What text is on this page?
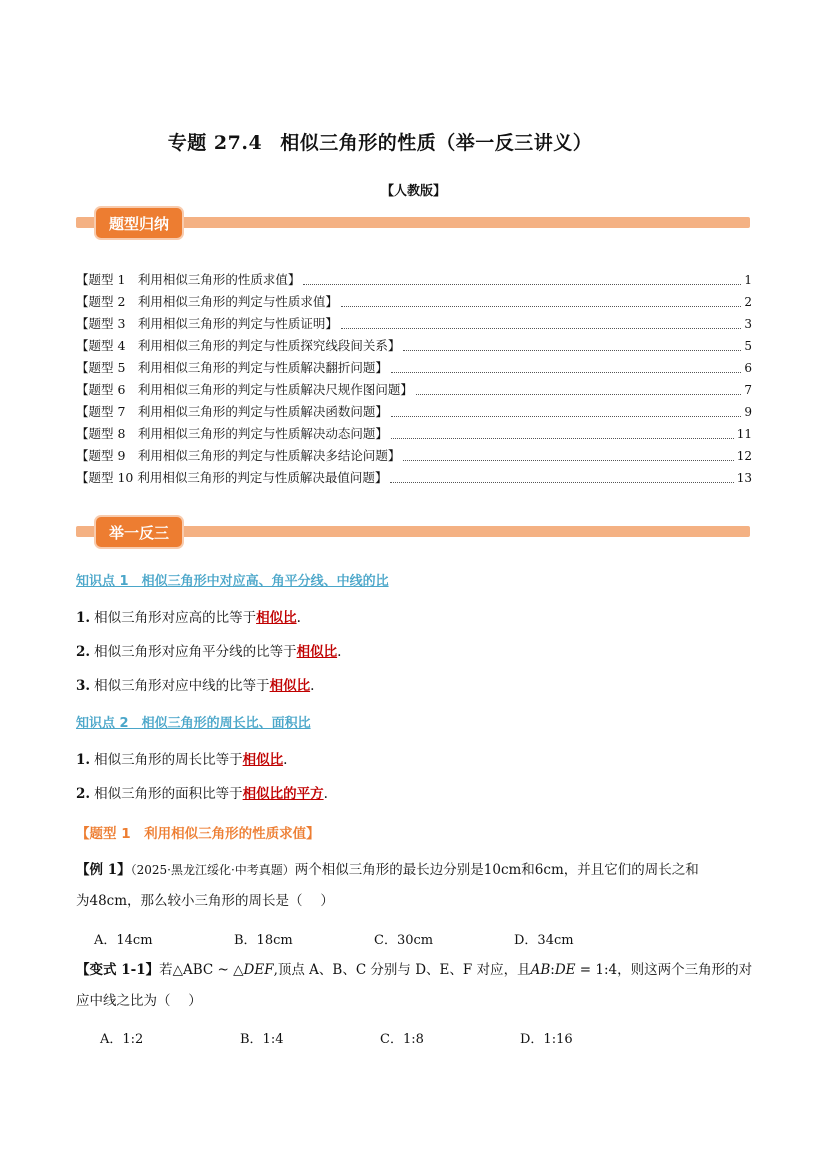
专题 27.4 相似三角形的性质（举一反三讲义）
【人教版】
题型归纳
【题型 1　利用相似三角形的性质求值】	1
【题型 2　利用相似三角形的判定与性质求值】	2
【题型 3　利用相似三角形的判定与性质证明】	3
【题型 4　利用相似三角形的判定与性质探究线段间关系】	5
【题型 5　利用相似三角形的判定与性质解决翻折问题】	6
【题型 6　利用相似三角形的判定与性质解决尺规作图问题】	7
【题型 7　利用相似三角形的判定与性质解决函数问题】	9
【题型 8　利用相似三角形的判定与性质解决动态问题】	11
【题型 9　利用相似三角形的判定与性质解决多结论问题】	12
【题型 10 利用相似三角形的判定与性质解决最值问题】	13
举一反三
知识点 1　相似三角形中对应高、角平分线、中线的比
1. 相似三角形对应高的比等于相似比.
2. 相似三角形对应角平分线的比等于相似比.
3. 相似三角形对应中线的比等于相似比.
知识点 2　相似三角形的周长比、面积比
1. 相似三角形的周长比等于相似比.
2. 相似三角形的面积比等于相似比的平方.
【题型 1　利用相似三角形的性质求值】
【例 1】（2025·黑龙江绥化·中考真题）两个相似三角形的最长边分别是10cm和6cm，并且它们的周长之和
为48cm，那么较小三角形的周长是（　 ）
A．14cm	B．18cm	C．30cm	D．34cm
【变式 1-1】若△ABC ~ △DEF,顶点 A、B、C 分别与 D、E、F 对应，且AB:DE = 1:4，则这两个三角形的对
应中线之比为（　 ）
A．1:2	B．1:4	C．1:8	D．1:16
